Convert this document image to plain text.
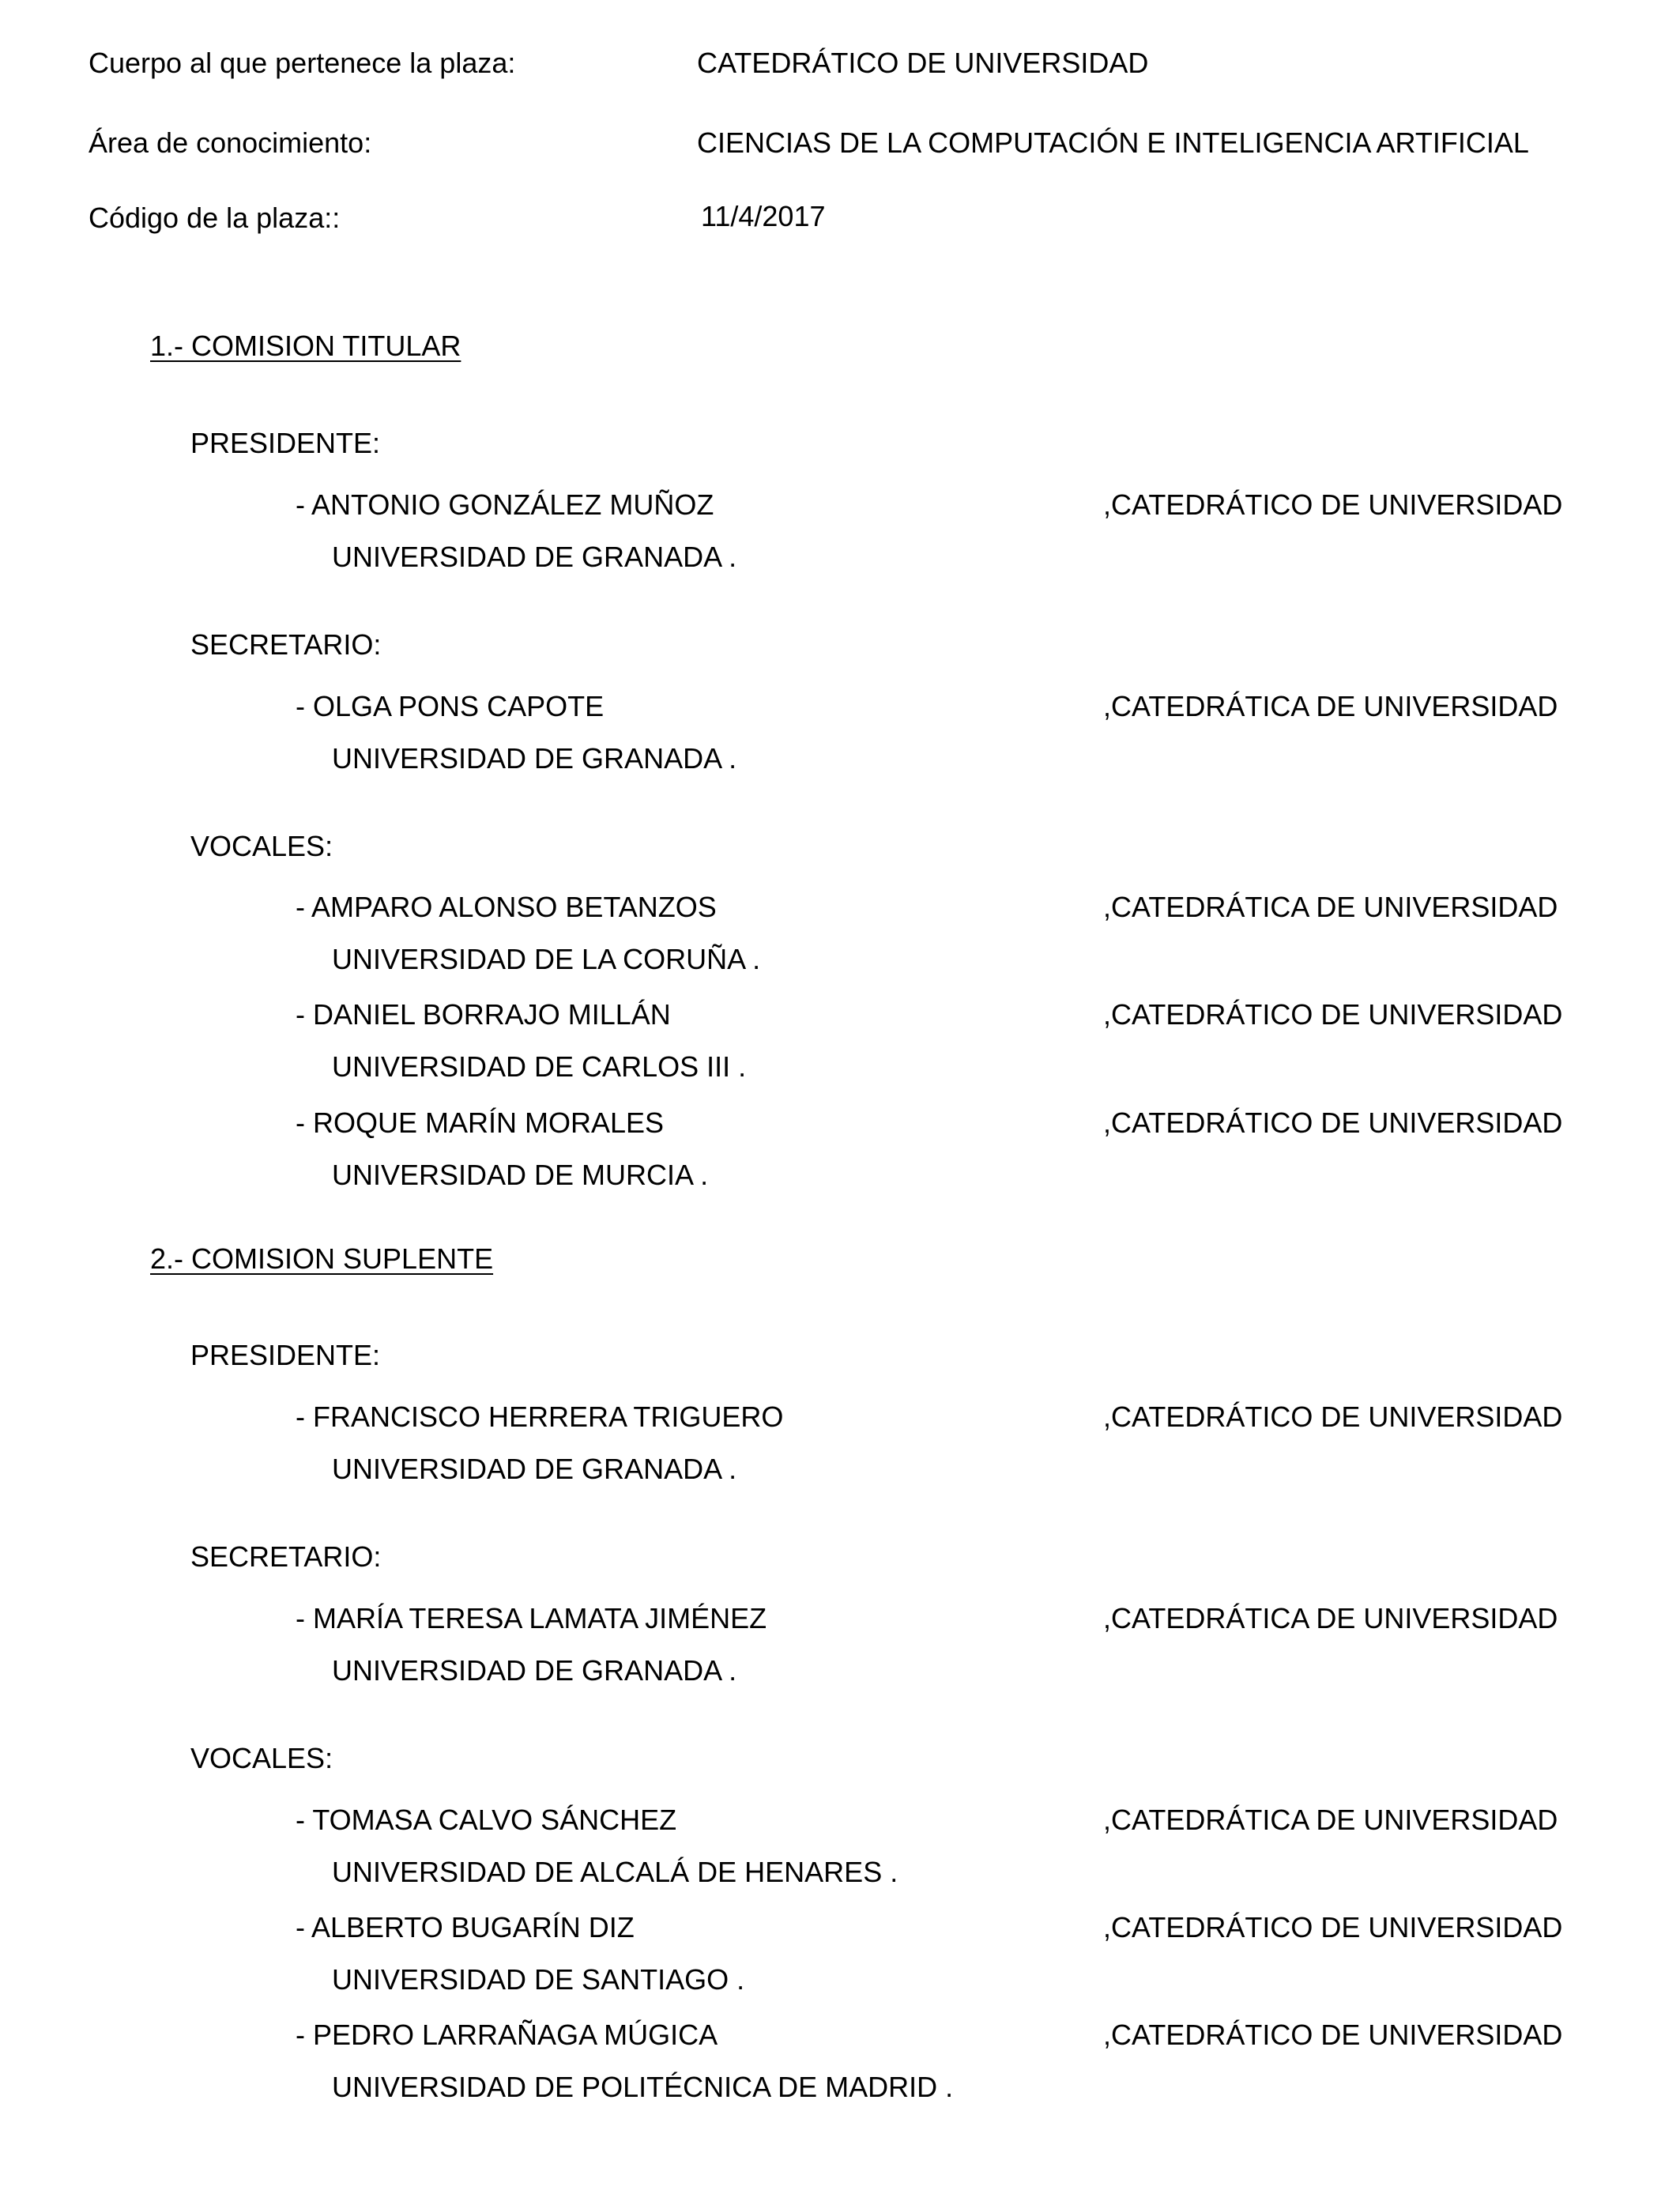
Cuerpo al que pertenece la plaza:	CATEDRÁTICO DE UNIVERSIDAD
Área de conocimiento:	CIENCIAS DE LA COMPUTACIÓN E INTELIGENCIA ARTIFICIAL
Código de la plaza::	11/4/2017
1.- COMISION TITULAR
PRESIDENTE:
- ANTONIO GONZÁLEZ MUÑOZ	,CATEDRÁTICO DE UNIVERSIDAD
UNIVERSIDAD DE GRANADA .
SECRETARIO:
- OLGA PONS CAPOTE	,CATEDRÁTICA DE UNIVERSIDAD
UNIVERSIDAD DE GRANADA .
VOCALES:
- AMPARO ALONSO BETANZOS	,CATEDRÁTICA DE UNIVERSIDAD
UNIVERSIDAD DE LA CORUÑA .
- DANIEL BORRAJO MILLÁN	,CATEDRÁTICO DE UNIVERSIDAD
UNIVERSIDAD DE CARLOS III .
- ROQUE MARÍN MORALES	,CATEDRÁTICO DE UNIVERSIDAD
UNIVERSIDAD DE MURCIA .
2.- COMISION SUPLENTE
PRESIDENTE:
- FRANCISCO HERRERA TRIGUERO	,CATEDRÁTICO DE UNIVERSIDAD
UNIVERSIDAD DE GRANADA .
SECRETARIO:
- MARÍA TERESA LAMATA JIMÉNEZ	,CATEDRÁTICA DE UNIVERSIDAD
UNIVERSIDAD DE GRANADA .
VOCALES:
- TOMASA CALVO SÁNCHEZ	,CATEDRÁTICA DE UNIVERSIDAD
UNIVERSIDAD DE ALCALÁ DE HENARES .
- ALBERTO BUGARÍN DIZ	,CATEDRÁTICO DE UNIVERSIDAD
UNIVERSIDAD DE SANTIAGO .
- PEDRO LARRAÑAGA MÚGICA	,CATEDRÁTICO DE UNIVERSIDAD
UNIVERSIDAD DE POLITÉCNICA DE MADRID .
